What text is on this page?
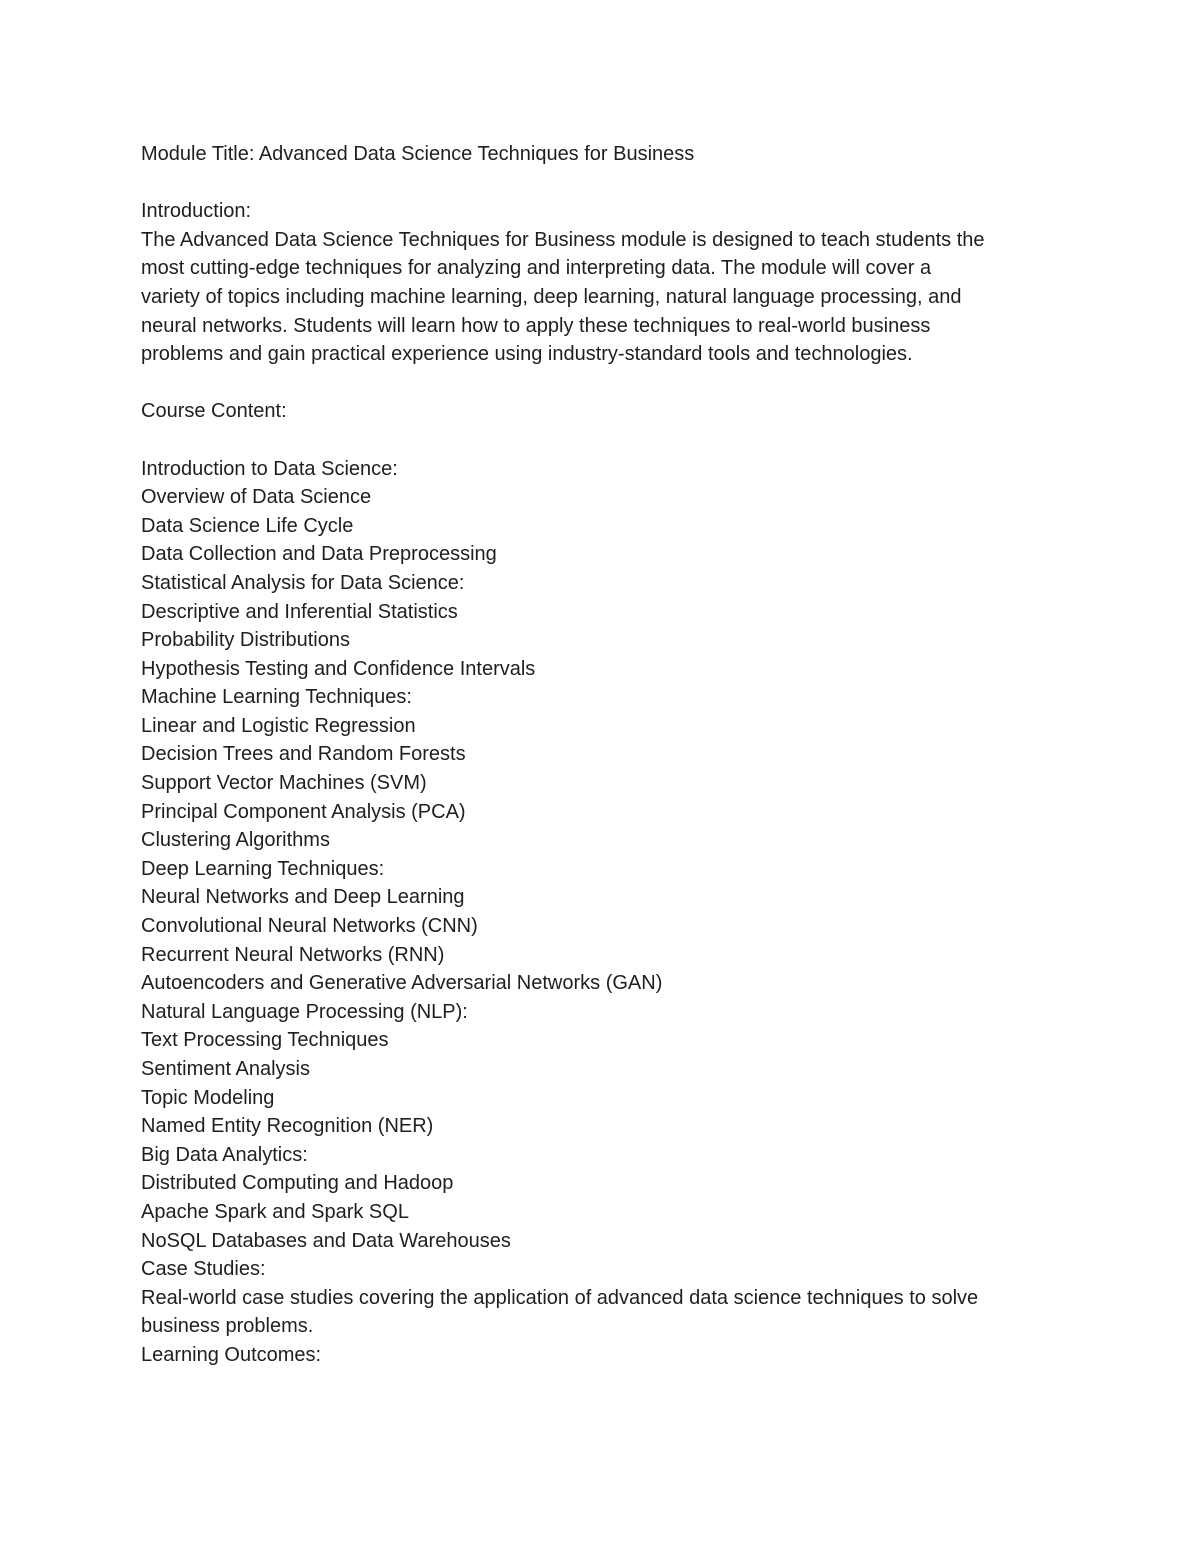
Module Title: Advanced Data Science Techniques for Business

Introduction:

The Advanced Data Science Techniques for Business module is designed to teach students the

most cutting-edge techniques for analyzing and interpreting data. The module will cover a

variety of topics including machine learning, deep learning, natural language processing, and

neural networks. Students will learn how to apply these techniques to real-world business

problems and gain practical experience using industry-standard tools and technologies.

Course Content:

Introduction to Data Science:

Overview of Data Science

Data Science Life Cycle

Data Collection and Data Preprocessing

Statistical Analysis for Data Science:

Descriptive and Inferential Statistics

Probability Distributions

Hypothesis Testing and Confidence Intervals

Machine Learning Techniques:

Linear and Logistic Regression

Decision Trees and Random Forests

Support Vector Machines (SVM)

Principal Component Analysis (PCA)

Clustering Algorithms

Deep Learning Techniques:

Neural Networks and Deep Learning

Convolutional Neural Networks (CNN)

Recurrent Neural Networks (RNN)

Autoencoders and Generative Adversarial Networks (GAN)

Natural Language Processing (NLP):

Text Processing Techniques

Sentiment Analysis

Topic Modeling

Named Entity Recognition (NER)

Big Data Analytics:

Distributed Computing and Hadoop

Apache Spark and Spark SQL

NoSQL Databases and Data Warehouses

Case Studies:

Real-world case studies covering the application of advanced data science techniques to solve

business problems.

Learning Outcomes:
